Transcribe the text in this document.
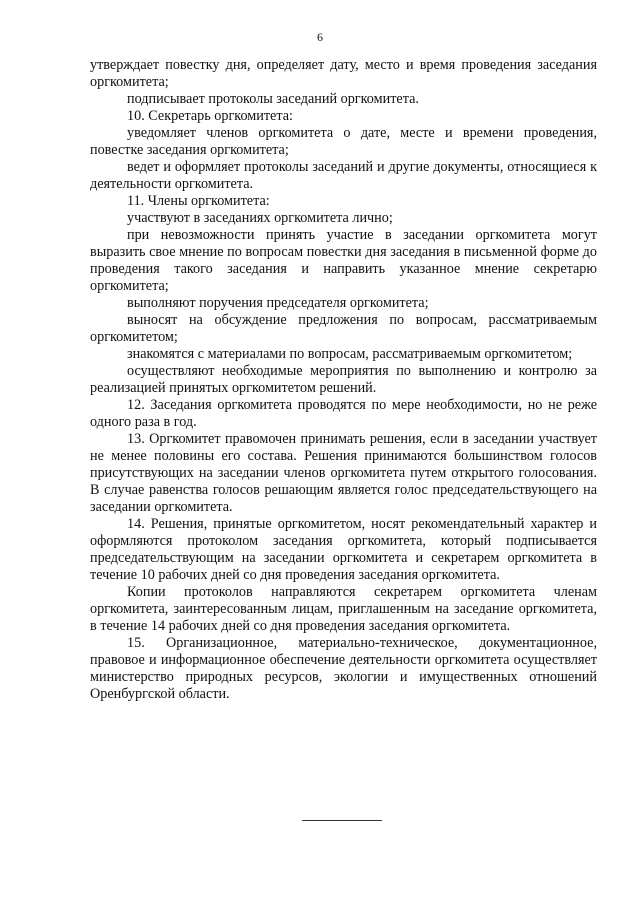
6

утверждает повестку дня, определяет дату, место и время проведения заседания оргкомитета;

подписывает протоколы заседаний оргкомитета.

10. Секретарь оргкомитета:

уведомляет членов оргкомитета о дате, месте и времени проведения, повестке заседания оргкомитета;

ведет и оформляет протоколы заседаний и другие документы, относящиеся к деятельности оргкомитета.

11. Члены оргкомитета:

участвуют в заседаниях оргкомитета лично;

при невозможности принять участие в заседании оргкомитета могут выразить свое мнение по вопросам повестки дня заседания в письменной форме до проведения такого заседания и направить указанное мнение секретарю оргкомитета;

выполняют поручения председателя оргкомитета;

выносят на обсуждение предложения по вопросам, рассматриваемым оргкомитетом;

знакомятся с материалами по вопросам, рассматриваемым оргкомитетом;

осуществляют необходимые мероприятия по выполнению и контролю за реализацией принятых оргкомитетом решений.

12. Заседания оргкомитета проводятся по мере необходимости, но не реже одного раза в год.

13. Оргкомитет правомочен принимать решения, если в заседании участвует не менее половины его состава. Решения принимаются большинством голосов присутствующих на заседании членов оргкомитета путем открытого голосования. В случае равенства голосов решающим является голос председательствующего на заседании оргкомитета.

14. Решения, принятые оргкомитетом, носят рекомендательный характер и оформляются протоколом заседания оргкомитета, который подписывается председательствующим на заседании оргкомитета и секретарем оргкомитета в течение 10 рабочих дней со дня проведения заседания оргкомитета.

Копии протоколов направляются секретарем оргкомитета членам оргкомитета, заинтересованным лицам, приглашенным на заседание оргкомитета, в течение 14 рабочих дней со дня проведения заседания оргкомитета.

15. Организационное, материально-техническое, документационное, правовое и информационное обеспечение деятельности оргкомитета осуществляет министерство природных ресурсов, экологии и имущественных отношений Оренбургской области.
